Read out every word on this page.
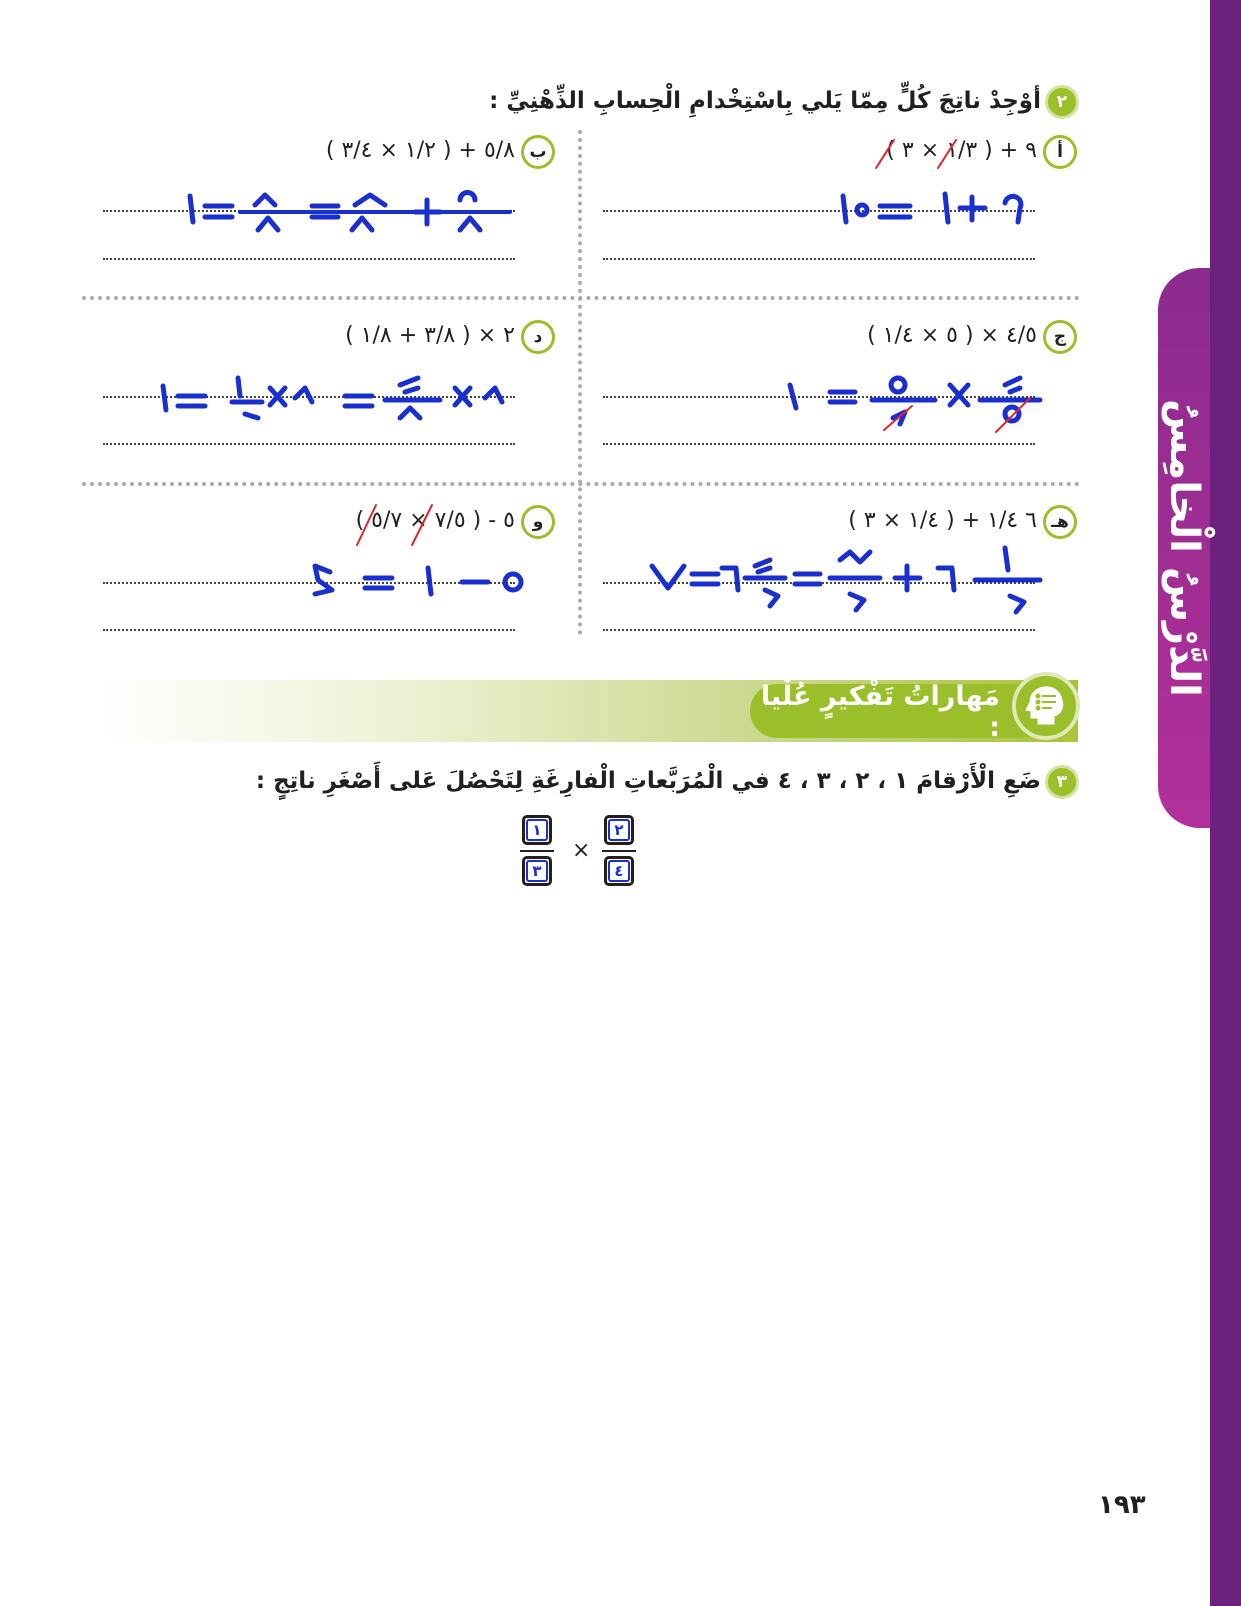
الدَّرْسُ الْخامِسُ
٢
أوْجِدْ ناتِجَ كُلٍّ مِمّا يَلي بِاسْتِخْدامِ الْحِسابِ الذِّهْنِيِّ :
أ
( ١/٣ × ٣ ) + ٩
ب
( ١/٢ × ٣/٤ ) + ٥/٨
ج
( ٥ × ١/٤ ) × ٤/٥
د
( ٣/٨ + ١/٨ ) × ٢
هـ
( ١/٤ × ٣ ) + ٦ ١/٤
و
( ٧/٥ × ٥/٧ ) - ٥
مَهاراتُ تَفْكيرٍ عُلْيا :
٣
ضَعِ الْأَرْقامَ ١ ، ٢ ، ٣ ، ٤ في الْمُرَبَّعاتِ الْفارِغَةِ لِتَحْصُلَ عَلى أَصْغَرِ ناتِجٍ :
٢
٤
×
١
٣
١٩٣
